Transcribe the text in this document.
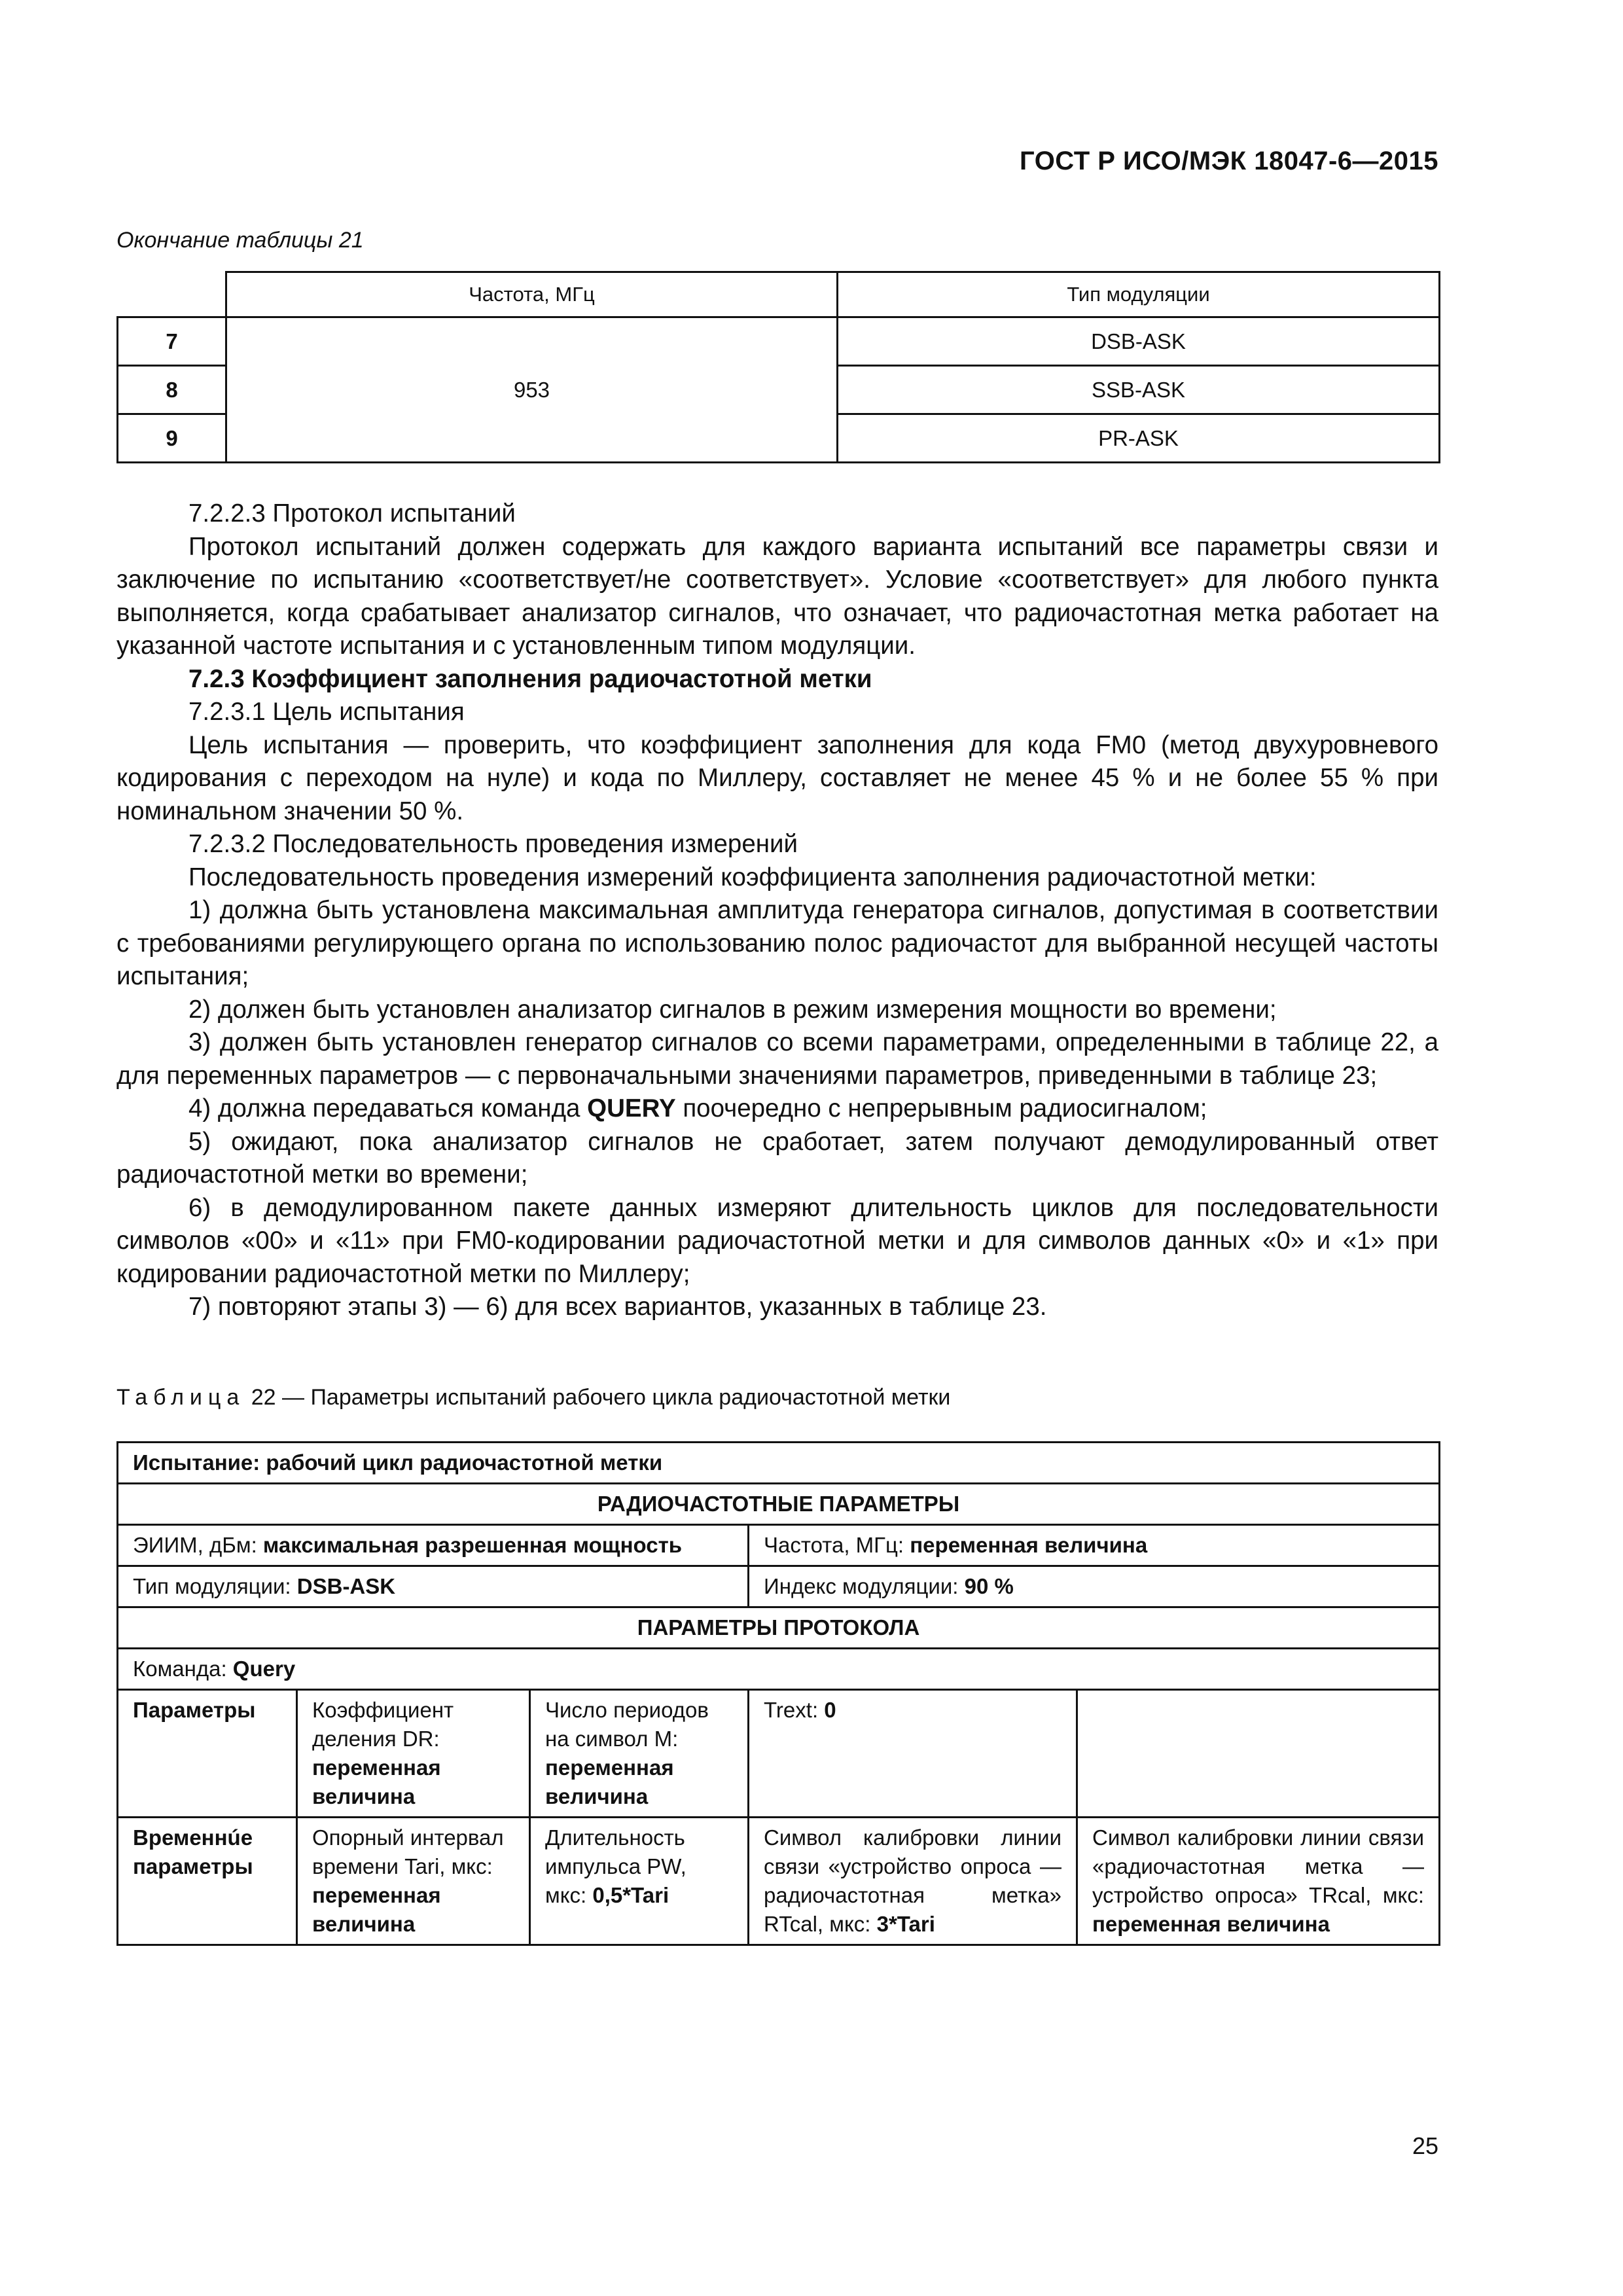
ГОСТ Р ИСО/МЭК 18047-6—2015
Окончание таблицы 21
	Частота, МГц	Тип модуляции
7	953	DSB-ASK
8		SSB-ASK
9		PR-ASK

7.2.2.3 Протокол испытаний

Протокол испытаний должен содержать для каждого варианта испытаний все параметры связи и заключение по испытанию «соответствует/не соответствует». Условие «соответствует» для любого пункта выполняется, когда срабатывает анализатор сигналов, что означает, что радиочастотная метка работает на указанной частоте испытания и с установленным типом модуляции.

7.2.3 Коэффициент заполнения радиочастотной метки

7.2.3.1 Цель испытания

Цель испытания — проверить, что коэффициент заполнения для кода FM0 (метод двухуровневого кодирования с переходом на нуле) и кода по Миллеру, составляет не менее 45 % и не более 55 % при номинальном значении 50 %.

7.2.3.2 Последовательность проведения измерений

Последовательность проведения измерений коэффициента заполнения радиочастотной метки:

1) должна быть установлена максимальная амплитуда генератора сигналов, допустимая в соответствии с требованиями регулирующего органа по использованию полос радиочастот для выбранной несущей частоты испытания;

2) должен быть установлен анализатор сигналов в режим измерения мощности во времени;

3) должен быть установлен генератор сигналов со всеми параметрами, определенными в таблице 22, а для переменных параметров — с первоначальными значениями параметров, приведенными в таблице 23;

4) должна передаваться команда QUERY поочередно с непрерывным радиосигналом;

5) ожидают, пока анализатор сигналов не сработает, затем получают демодулированный ответ радиочастотной метки во времени;

6) в демодулированном пакете данных измеряют длительность циклов для последовательности символов «00» и «11» при FM0-кодировании радиочастотной метки и для символов данных «0» и «1» при кодировании радиочастотной метки по Миллеру;

7) повторяют этапы 3) — 6) для всех вариантов, указанных в таблице 23.

Таблица 22 — Параметры испытаний рабочего цикла радиочастотной метки
Испытание: рабочий цикл радиочастотной метки				
РАДИОЧАСТОТНЫЕ ПАРАМЕТРЫ				
ЭИИМ, дБм: максимальная разрешенная мощность			Частота, МГц: переменная величина	
Тип модуляции: DSB-ASK			Индекс модуляции: 90 %	
ПАРАМЕТРЫ ПРОТОКОЛА				
Команда: Query				
Параметры	Коэффициент деления DR: переменная величина	Число периодов на символ M: переменная величина	Trext: 0	
Временнúе параметры	Опорный интервал времени Tari, мкс: переменная величина	Длительность импульса PW, мкс: 0,5*Tari	Символ калибровки линии связи «устройство опроса — радиочастотная метка» RTcal, мкс: 3*Tari	Символ калибровки линии связи «радиочастотная метка — устройство опроса» TRcal, мкс: переменная величина
25
